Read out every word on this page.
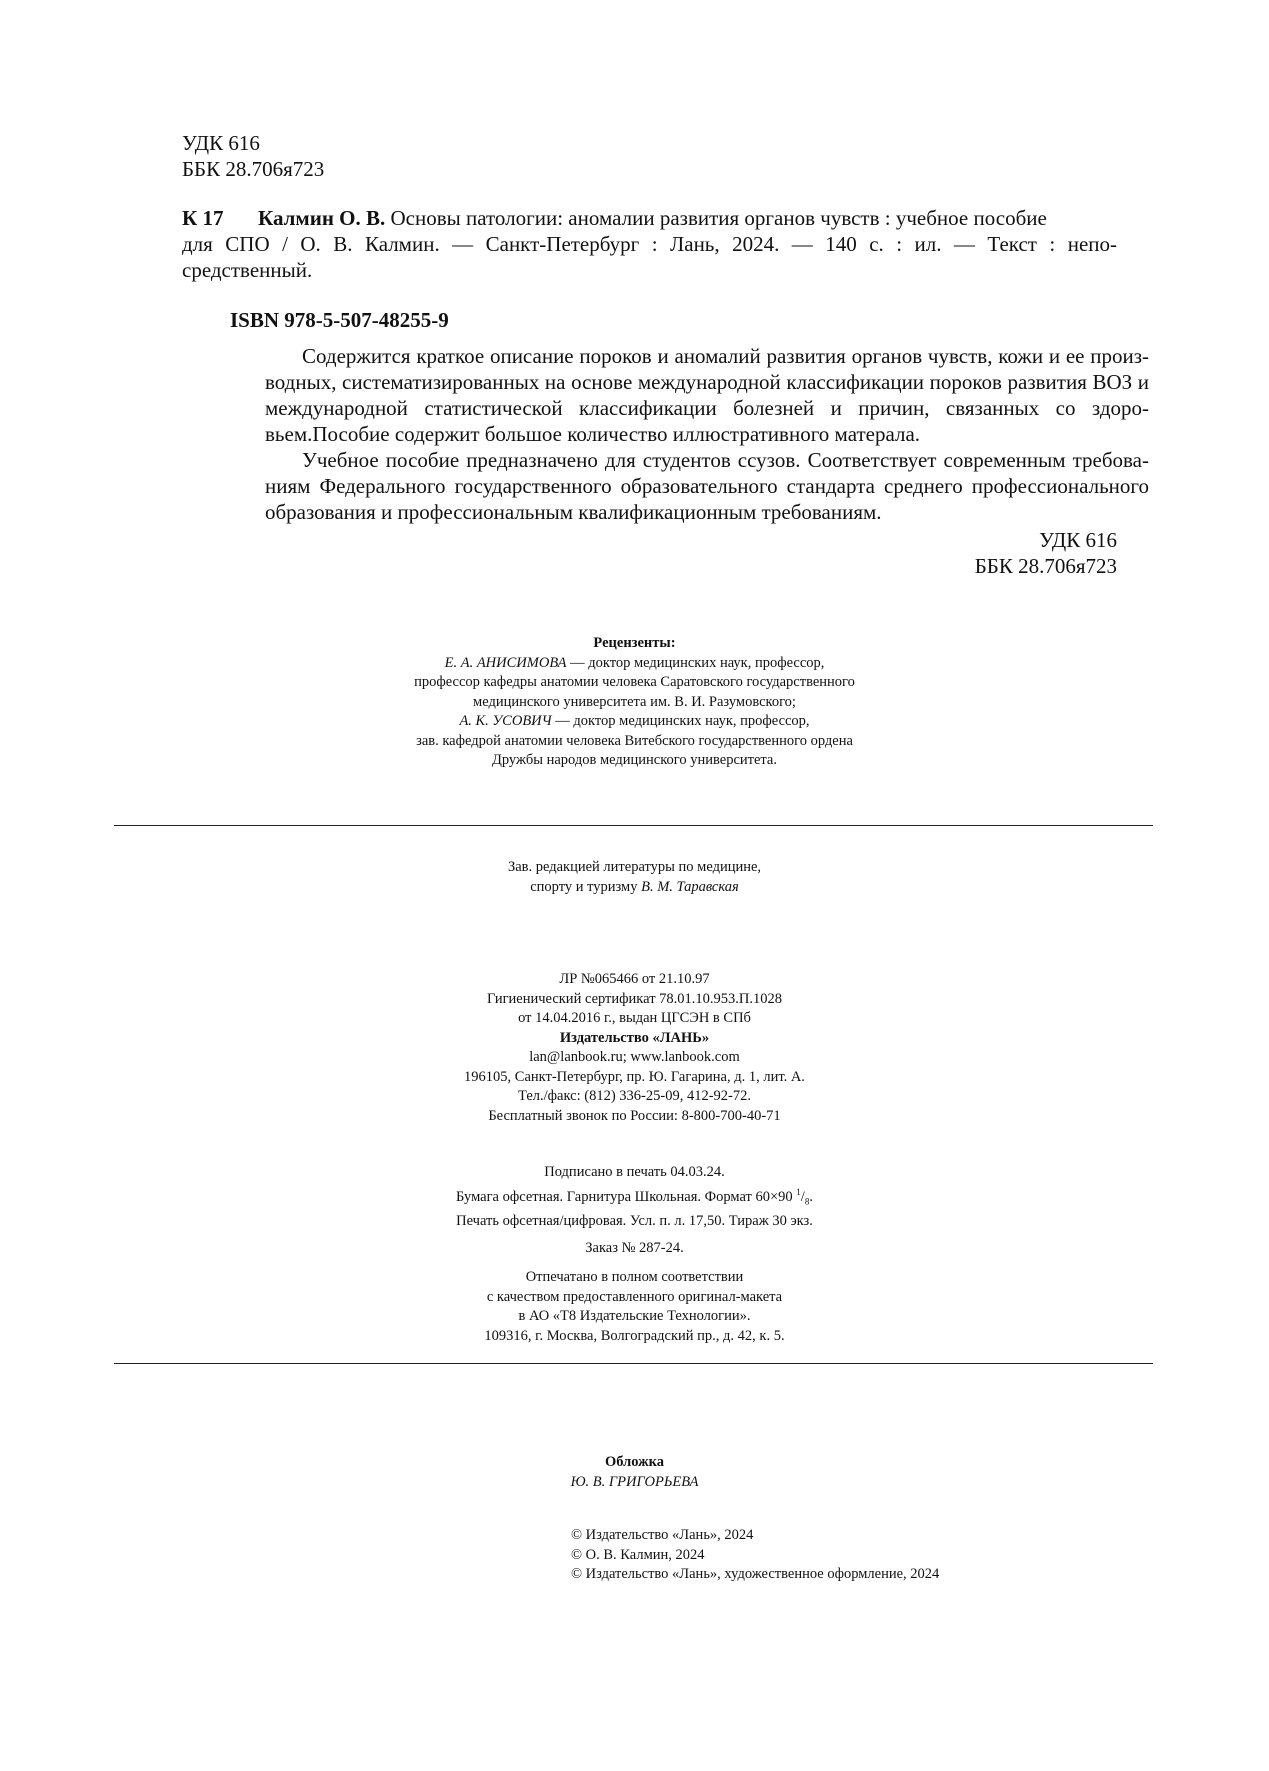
УДК 616
ББК 28.706я723
К 17 Калмин О. В. Основы патологии: аномалии развития органов чувств : учебное пособие
для СПО / О. В. Калмин. — Санкт-Петербург : Лань, 2024. — 140 с. : ил. — Текст : непо-
средственный.
ISBN 978-5-507-48255-9
Содержится краткое описание пороков и аномалий развития органов чувств, кожи и ее произ-
водных, систематизированных на основе международной классификации пороков развития ВОЗ и
международной статистической классификации болезней и причин, связанных со здоро-
вьем.Пособие содержит большое количество иллюстративного матерала.
Учебное пособие предназначено для студентов ссузов. Соответствует современным требова-
ниям Федерального государственного образовательного стандарта среднего профессионального
образования и профессиональным квалификационным требованиям.
УДК 616
ББК 28.706я723
Рецензенты:
Е. А. АНИСИМОВА — доктор медицинских наук, профессор,
профессор кафедры анатомии человека Саратовского государственного
медицинского университета им. В. И. Разумовского;
А. К. УСОВИЧ — доктор медицинских наук, профессор,
зав. кафедрой анатомии человека Витебского государственного ордена
Дружбы народов медицинского университета.
Зав. редакцией литературы по медицине,
спорту и туризму В. М. Таравская
ЛР №065466 от 21.10.97
Гигиенический сертификат 78.01.10.953.П.1028
от 14.04.2016 г., выдан ЦГСЭН в СПб
Издательство «ЛАНЬ»
lan@lanbook.ru; www.lanbook.com
196105, Санкт-Петербург, пр. Ю. Гагарина, д. 1, лит. А.
Тел./факс: (812) 336-25-09, 412-92-72.
Бесплатный звонок по России: 8-800-700-40-71
Подписано в печать 04.03.24.
Бумага офсетная. Гарнитура Школьная. Формат 60×90 $^1/_8$.
Печать офсетная/цифровая. Усл. п. л. 17,50. Тираж 30 экз.
Заказ № 287-24.
Отпечатано в полном соответствии
с качеством предоставленного оригинал-макета
в АО «Т8 Издательские Технологии».
109316, г. Москва, Волгоградский пр., д. 42, к. 5.
Обложка
Ю. В. ГРИГОРЬЕВА
© Издательство «Лань», 2024
© О. В. Калмин, 2024
© Издательство «Лань», художественное оформление, 2024
